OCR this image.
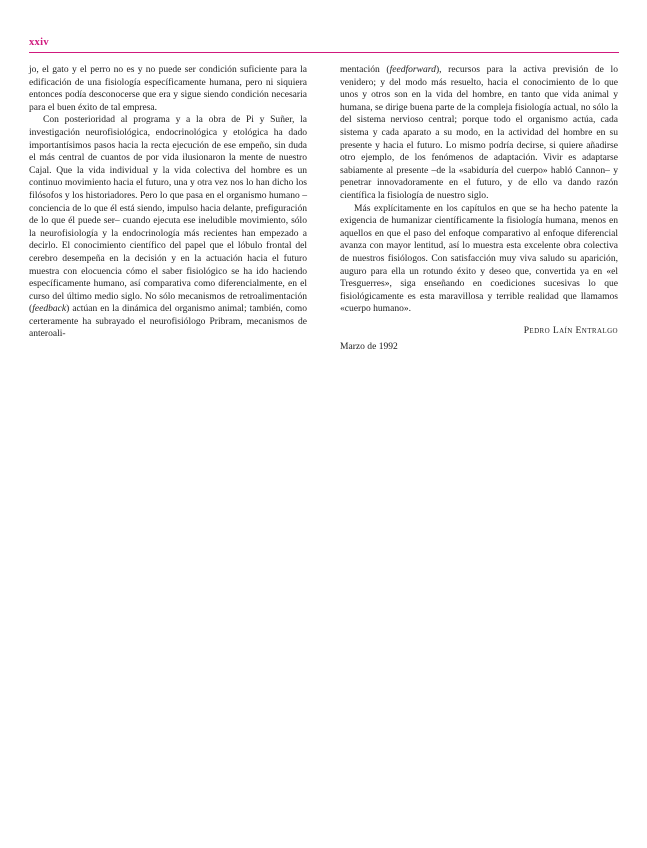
xxiv

jo, el gato y el perro no es y no puede ser condición suficiente para la edificación de una fisiología específicamente humana, pero ni siquiera entonces podía desconocerse que era y sigue siendo condición necesaria para el buen éxito de tal empresa.

Con posterioridad al programa y a la obra de Pi y Suñer, la investigación neurofisiológica, endocrinológica y etológica ha dado importantísimos pasos hacia la recta ejecución de ese empeño, sin duda el más central de cuantos de por vida ilusionaron la mente de nuestro Cajal. Que la vida individual y la vida colectiva del hombre es un continuo movimiento hacia el futuro, una y otra vez nos lo han dicho los filósofos y los historiadores. Pero lo que pasa en el organismo humano –conciencia de lo que él está siendo, impulso hacia delante, prefiguración de lo que él puede ser– cuando ejecuta ese ineludible movimiento, sólo la neurofisiología y la endocrinología más recientes han empezado a decirlo. El conocimiento científico del papel que el lóbulo frontal del cerebro desempeña en la decisión y en la actuación hacia el futuro muestra con elocuencia cómo el saber fisiológico se ha ido haciendo específicamente humano, así comparativa como diferencialmente, en el curso del último medio siglo. No sólo mecanismos de retroalimentación (feedback) actúan en la dinámica del organismo animal; también, como certeramente ha subrayado el neurofisiólogo Pribram, mecanismos de anteroali-

mentación (feedforward), recursos para la activa previsión de lo venidero; y del modo más resuelto, hacia el conocimiento de lo que unos y otros son en la vida del hombre, en tanto que vida animal y humana, se dirige buena parte de la compleja fisiología actual, no sólo la del sistema nervioso central; porque todo el organismo actúa, cada sistema y cada aparato a su modo, en la actividad del hombre en su presente y hacia el futuro. Lo mismo podría decirse, si quiere añadirse otro ejemplo, de los fenómenos de adaptación. Vivir es adaptarse sabiamente al presente –de la «sabiduría del cuerpo» habló Cannon– y penetrar innovadoramente en el futuro, y de ello va dando razón científica la fisiología de nuestro siglo.

Más explícitamente en los capítulos en que se ha hecho patente la exigencia de humanizar científicamente la fisiología humana, menos en aquellos en que el paso del enfoque comparativo al enfoque diferencial avanza con mayor lentitud, así lo muestra esta excelente obra colectiva de nuestros fisiólogos. Con satisfacción muy viva saludo su aparición, auguro para ella un rotundo éxito y deseo que, convertida ya en «el Tresguerres», siga enseñando en coediciones sucesivas lo que fisiológicamente es esta maravillosa y terrible realidad que llamamos «cuerpo humano».

Pedro Laín Entralgo

Marzo de 1992
